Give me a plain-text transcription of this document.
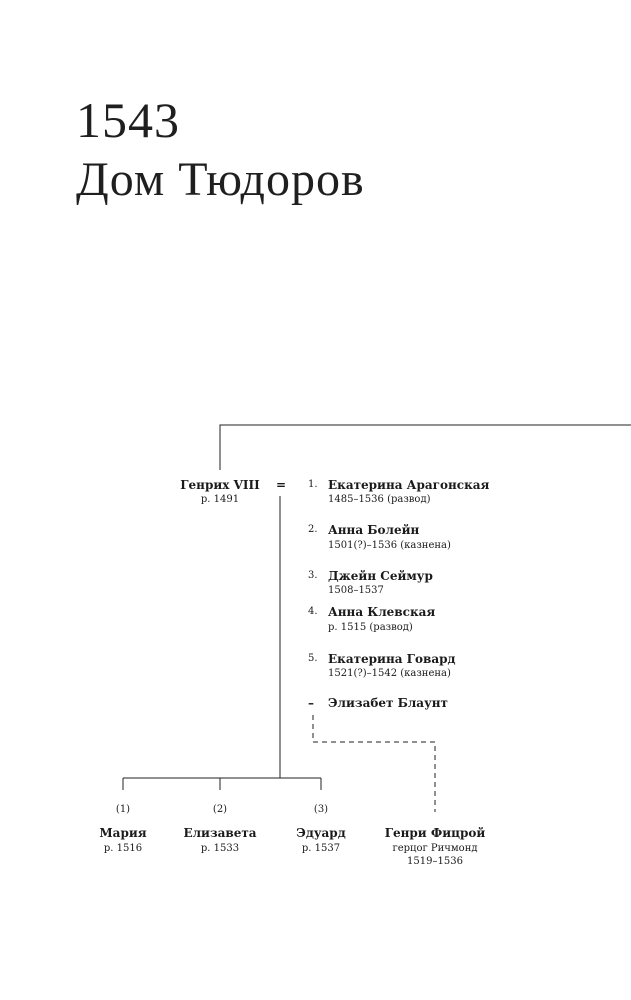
1543
Дом Тюдоров
Генрих VIII
р. 1491
= 1. Екатерина Арагонская
1485–1536 (развод)
2. Анна Болейн
1501(?)–1536 (казнена)
3. Джейн Сеймур
1508–1537
4. Анна Клевская
р. 1515 (развод)
5. Екатерина Говард
1521(?)–1542 (казнена)
– Элизабет Блаунт
(1)
Мария
р. 1516
(2)
Елизавета
р. 1533
(3)
Эдуард
р. 1537
Генри Фицрой
герцог Ричмонд
1519–1536
